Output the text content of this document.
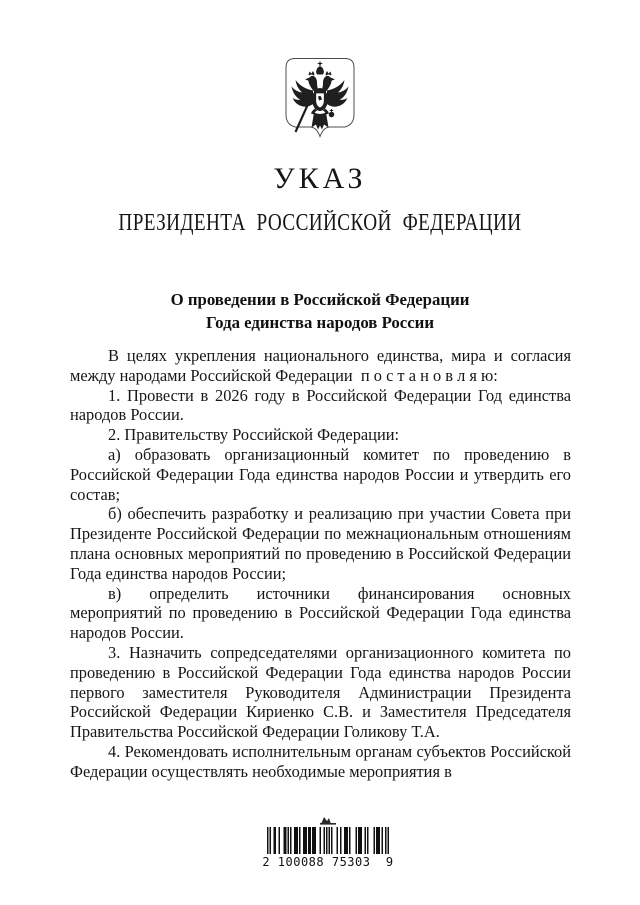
УКАЗ
ПРЕЗИДЕНТА РОССИЙСКОЙ ФЕДЕРАЦИИ
О проведении в Российской Федерации
Года единства народов России

В целях укрепления национального единства, мира и согласия между народами Российской Федерации  п о с т а н о в л я ю:

1. Провести в 2026 году в Российской Федерации Год единства народов России.

2. Правительству Российской Федерации:

а) образовать организационный комитет по проведению в Российской Федерации Года единства народов России и утвердить его состав;

б) обеспечить разработку и реализацию при участии Совета при Президенте Российской Федерации по межнациональным отношениям плана основных мероприятий по проведению в Российской Федерации Года единства народов России;

в) определить источники финансирования основных мероприятий по проведению в Российской Федерации Года единства народов России.

3. Назначить сопредседателями организационного комитета по проведению в Российской Федерации Года единства народов России первого заместителя Руководителя Администрации Президента Российской Федерации Кириенко С.В. и Заместителя Председателя Правительства Российской Федерации Голикову Т.А.

4. Рекомендовать исполнительным органам субъектов Российской Федерации осуществлять необходимые мероприятия в

2 100088 75303  9
